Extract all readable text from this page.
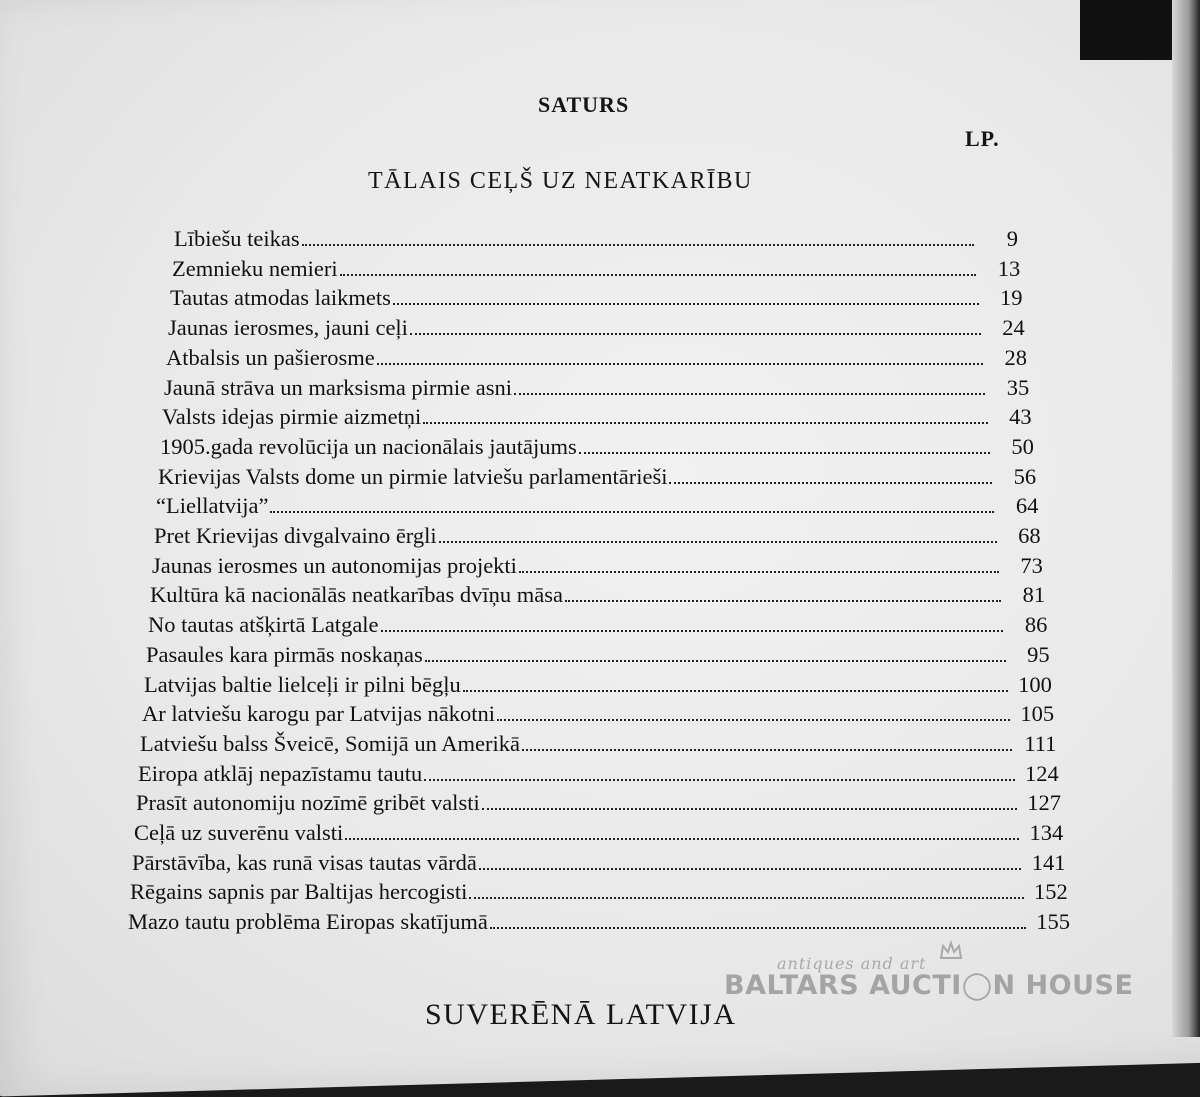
SATURS
LP.
TĀLAIS CEĻŠ UZ NEATKARĪBU
Lībiešu teikas	9
Zemnieku nemieri	13
Tautas atmodas laikmets	19
Jaunas ierosmes, jauni ceļi	24
Atbalsis un pašierosme	28
Jaunā strāva un marksisma pirmie asni	35
Valsts idejas pirmie aizmetņi	43
1905.gada revolūcija un nacionālais jautājums	50
Krievijas Valsts dome un pirmie latviešu parlamentārieši	56
“Liellatvija”	64
Pret Krievijas divgalvaino ērgli	68
Jaunas ierosmes un autonomijas projekti	73
Kultūra kā nacionālās neatkarības dvīņu māsa	81
No tautas atšķirtā Latgale	86
Pasaules kara pirmās noskaņas	95
Latvijas baltie lielceļi ir pilni bēgļu	100
Ar latviešu karogu par Latvijas nākotni	105
Latviešu balss Šveicē, Somijā un Amerikā	111
Eiropa atklāj nepazīstamu tautu	124
Prasīt autonomiju nozīmē gribēt valsti	127
Ceļā uz suverēnu valsti	134
Pārstāvība, kas runā visas tautas vārdā	141
Rēgains sapnis par Baltijas hercogisti	152
Mazo tautu problēma Eiropas skatījumā	155
SUVERĒNĀ LATVIJA
antiques and art
BALTARS AUCTI◯N HOUSE
